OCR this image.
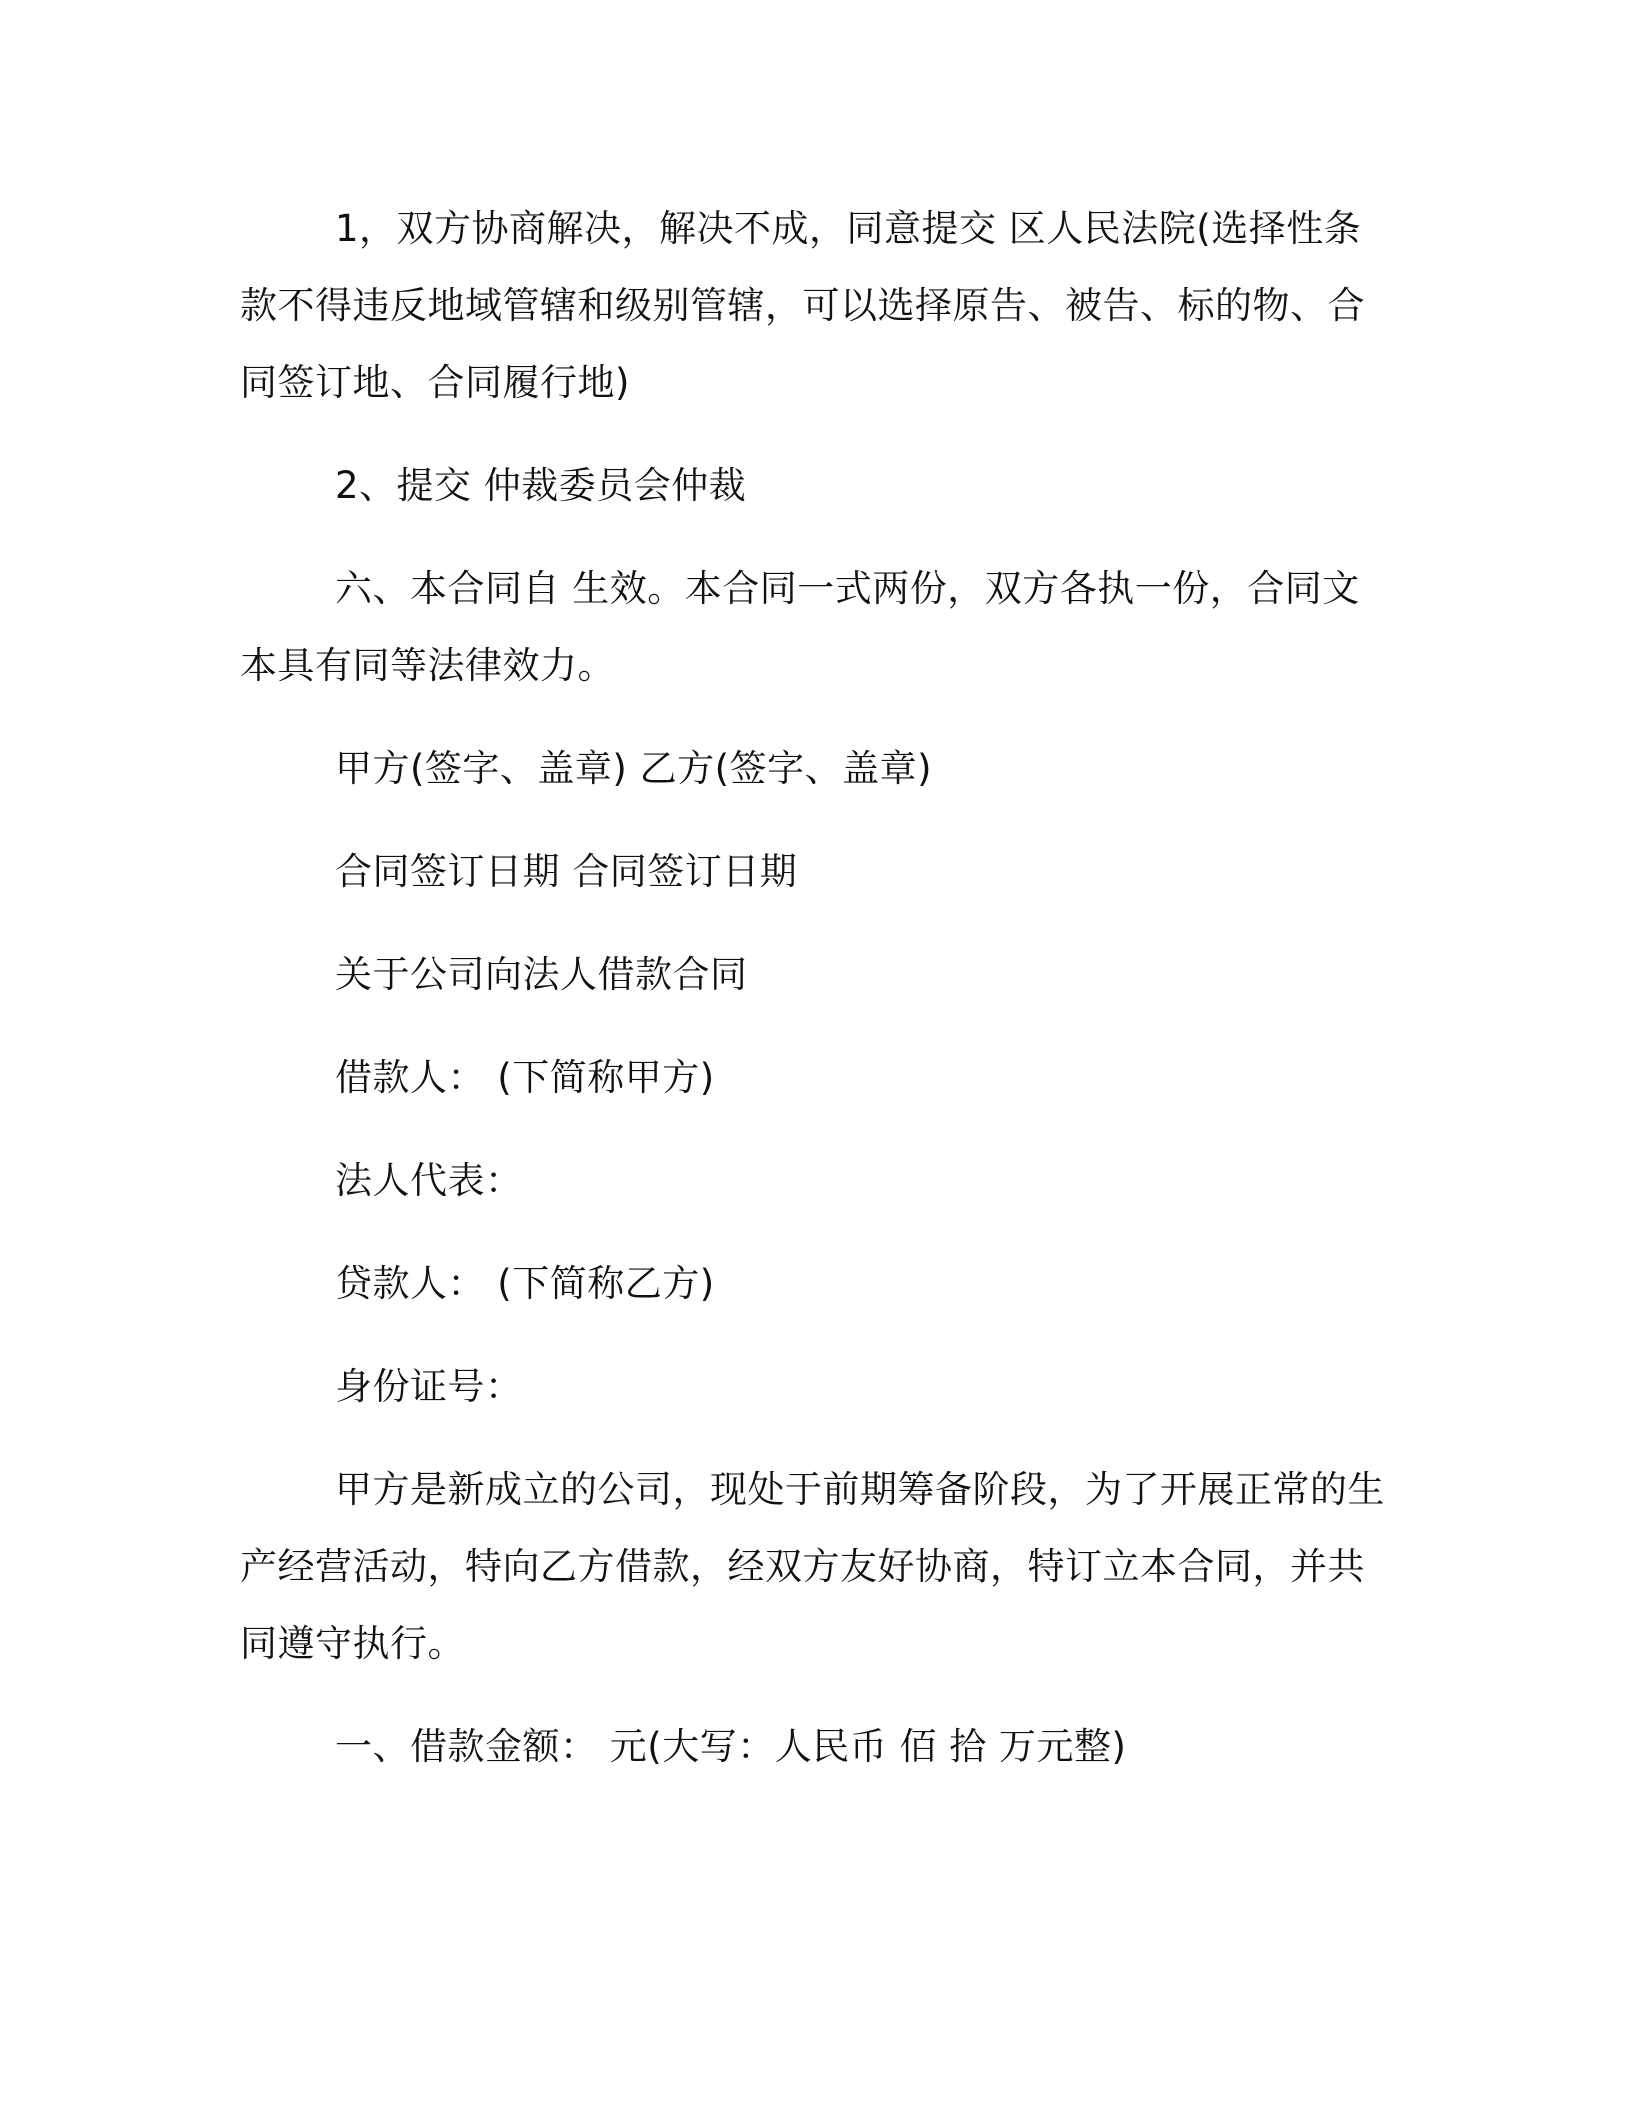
1，双方协商解决，解决不成，同意提交 区人民法院(选择性条款不得违反地域管辖和级别管辖，可以选择原告、被告、标的物、合同签订地、合同履行地)

2、提交 仲裁委员会仲裁

六、本合同自 生效。本合同一式两份，双方各执一份，合同文本具有同等法律效力。

甲方(签字、盖章) 乙方(签字、盖章)

合同签订日期 合同签订日期

关于公司向法人借款合同

借款人： (下简称甲方)

法人代表：

贷款人： (下简称乙方)

身份证号：

甲方是新成立的公司，现处于前期筹备阶段，为了开展正常的生产经营活动，特向乙方借款，经双方友好协商，特订立本合同，并共同遵守执行。

一、借款金额： 元(大写：人民币 佰 拾 万元整)
